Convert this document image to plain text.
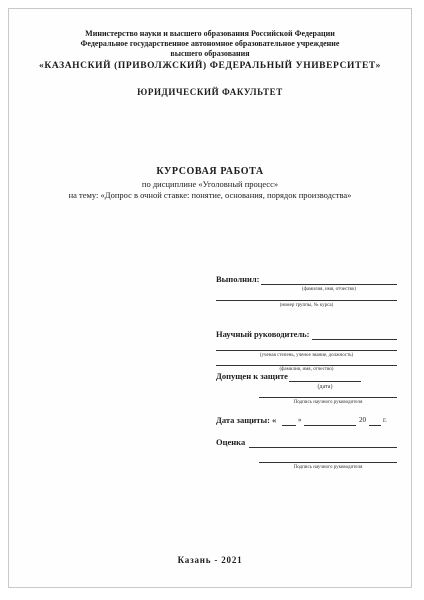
Министерство науки и высшего образования Российской Федерации
Федеральное государственное автономное образовательное учреждение
высшего образования
«КАЗАНСКИЙ (ПРИВОЛЖСКИЙ) ФЕДЕРАЛЬНЫЙ УНИВЕРСИТЕТ»
ЮРИДИЧЕСКИЙ ФАКУЛЬТЕТ
КУРСОВАЯ РАБОТА
по дисциплине «Уголовный процесс»
на тему: «Допрос в очной ставке: понятие, основания, порядок производства»
Выполнил:
(фамилия, имя, отчество)
(номер группы, № курса)
Научный руководитель:
(ученая степень, ученое звание, должность)
(фамилия, имя, отчество)
Допущен к защите
(дата)
Подпись научного руководителя
Дата защиты: «	»	20 г.
Оценка
Подпись научного руководителя
Казань - 2021
